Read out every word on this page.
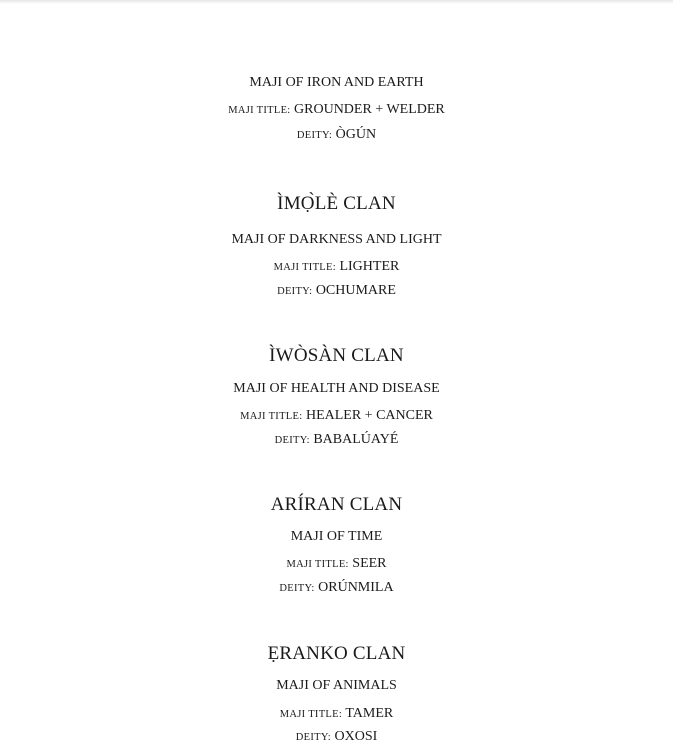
MAJI OF IRON AND EARTH
MAJI TITLE: GROUNDER + WELDER
DEITY: ÒGÚN
ÌMỌ̀LÈ CLAN
MAJI OF DARKNESS AND LIGHT
MAJI TITLE: LIGHTER
DEITY: OCHUMARE
ÌWÒSÀN CLAN
MAJI OF HEALTH AND DISEASE
MAJI TITLE: HEALER + CANCER
DEITY: BABALÚAYÉ
ARÍRAN CLAN
MAJI OF TIME
MAJI TITLE: SEER
DEITY: ORÚNMILA
ẸRANKO CLAN
MAJI OF ANIMALS
MAJI TITLE: TAMER
DEITY: OXOSI
